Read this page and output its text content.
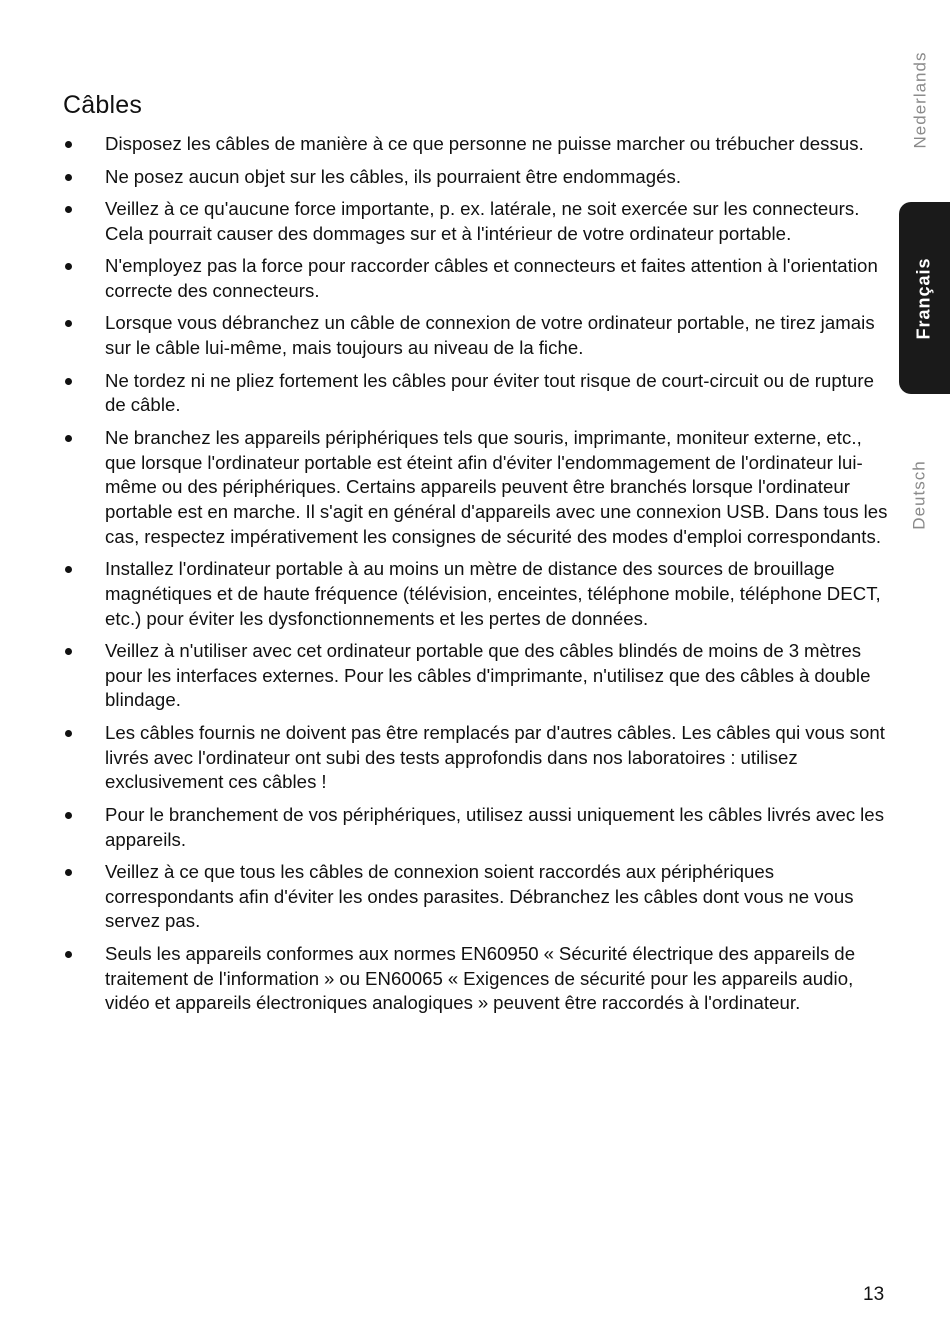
Câbles
Disposez les câbles de manière à ce que personne ne puisse marcher ou trébucher dessus.
Ne posez aucun objet sur les câbles, ils pourraient être endommagés.
Veillez à ce qu'aucune force importante, p. ex. latérale, ne soit exercée sur les connecteurs. Cela pourrait causer des dommages sur et à l'intérieur de votre ordinateur portable.
N'employez pas la force pour raccorder câbles et connecteurs et faites attention à l'orientation correcte des connecteurs.
Lorsque vous débranchez un câble de connexion de votre ordinateur portable, ne tirez jamais sur le câble lui-même, mais toujours au niveau de la fiche.
Ne tordez ni ne pliez fortement les câbles pour éviter tout risque de court-circuit ou de rupture de câble.
Ne branchez les appareils périphériques tels que souris, imprimante, moniteur externe, etc., que lorsque l'ordinateur portable est éteint afin d'éviter l'endommagement de l'ordinateur lui-même ou des périphériques. Certains appareils peuvent être branchés lorsque l'ordinateur portable est en marche. Il s'agit en général d'appareils avec une connexion USB. Dans tous les cas, respectez impérativement les consignes de sécurité des modes d'emploi correspondants.
Installez l'ordinateur portable à au moins un mètre de distance des sources de brouillage magnétiques et de haute fréquence (télévision, enceintes, téléphone mobile, téléphone DECT, etc.) pour éviter les dysfonctionnements et les pertes de données.
Veillez à n'utiliser avec cet ordinateur portable que des câbles blindés de moins de 3 mètres pour les interfaces externes. Pour les câbles d'imprimante, n'utilisez que des câbles à double blindage.
Les câbles fournis ne doivent pas être remplacés par d'autres câbles. Les câbles qui vous sont livrés avec l'ordinateur ont subi des tests approfondis dans nos laboratoires : utilisez exclusivement ces câbles !
Pour le branchement de vos périphériques, utilisez aussi uniquement les câbles livrés avec les appareils.
Veillez à ce que tous les câbles de connexion soient raccordés aux périphériques correspondants afin d'éviter les ondes parasites. Débranchez les câbles dont vous ne vous servez pas.
Seuls les appareils conformes aux normes EN60950 « Sécurité électrique des appareils de traitement de l'information » ou EN60065 « Exigences de sécurité pour les appareils audio, vidéo et appareils électroniques analogiques » peuvent être raccordés à l'ordinateur.
Nederlands
Français
Deutsch
13
